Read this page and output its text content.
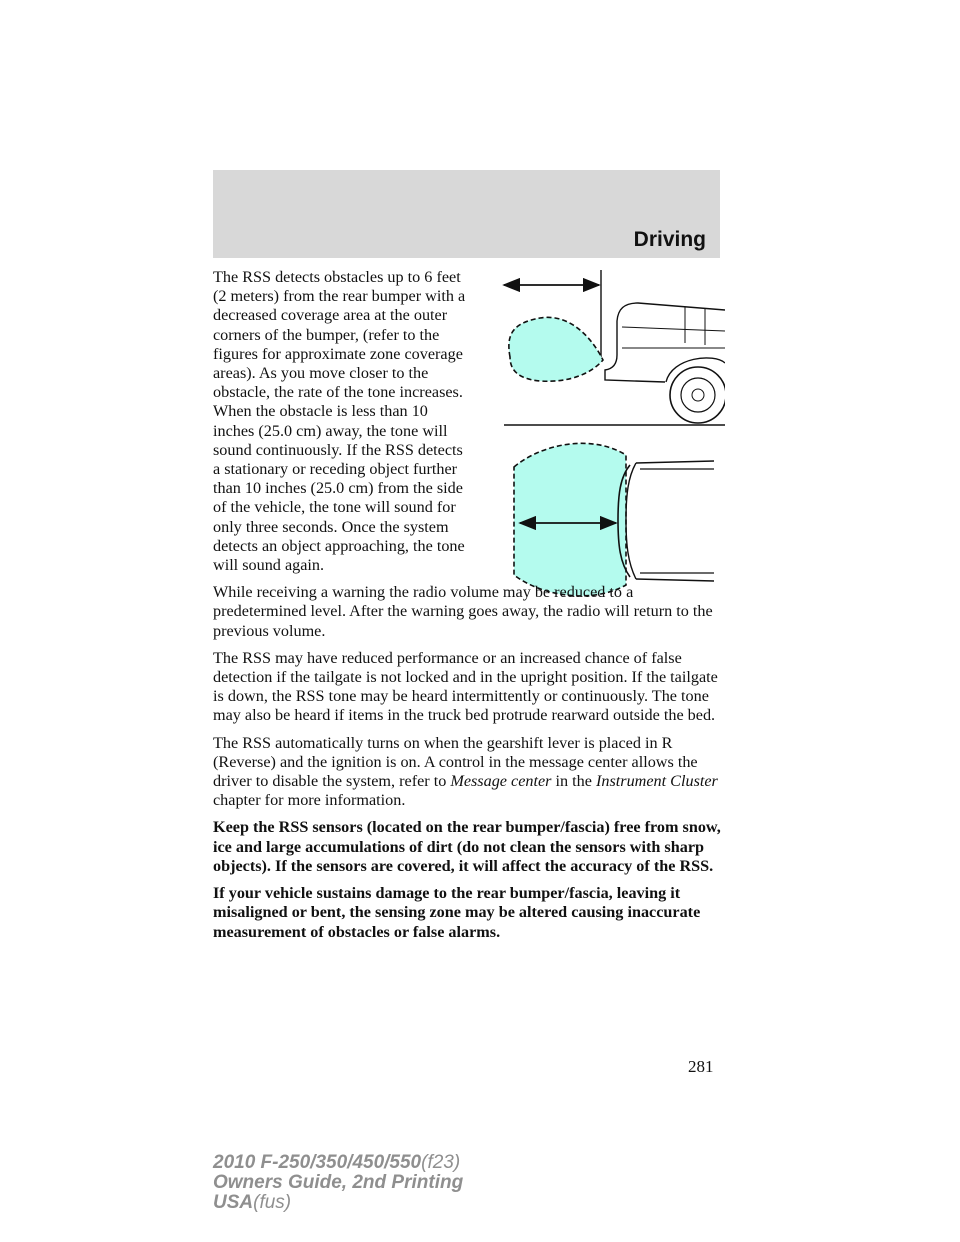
Driving

The RSS detects obstacles up to 6 feet (2 meters) from the rear bumper with a decreased coverage area at the outer corners of the bumper, (refer to the figures for approximate zone coverage areas). As you move closer to the obstacle, the rate of the tone increases. When the obstacle is less than 10 inches (25.0 cm) away, the tone will sound continuously. If the RSS detects a stationary or receding object further than 10 inches (25.0 cm) from the side of the vehicle, the tone will sound for only three seconds. Once the system detects an object approaching, the tone will sound again.

While receiving a warning the radio volume may be reduced to a predetermined level. After the warning goes away, the radio will return to the previous volume.

The RSS may have reduced performance or an increased chance of false detection if the tailgate is not locked and in the upright position. If the tailgate is down, the RSS tone may be heard intermittently or continuously. The tone may also be heard if items in the truck bed protrude rearward outside the bed.

The RSS automatically turns on when the gearshift lever is placed in R (Reverse) and the ignition is on. A control in the message center allows the driver to disable the system, refer to Message center in the Instrument Cluster chapter for more information.

Keep the RSS sensors (located on the rear bumper/fascia) free from snow, ice and large accumulations of dirt (do not clean the sensors with sharp objects). If the sensors are covered, it will affect the accuracy of the RSS.

If your vehicle sustains damage to the rear bumper/fascia, leaving it misaligned or bent, the sensing zone may be altered causing inaccurate measurement of obstacles or false alarms.

281
2010 F-250/350/450/550(f23)
Owners Guide, 2nd Printing
USA(fus)
